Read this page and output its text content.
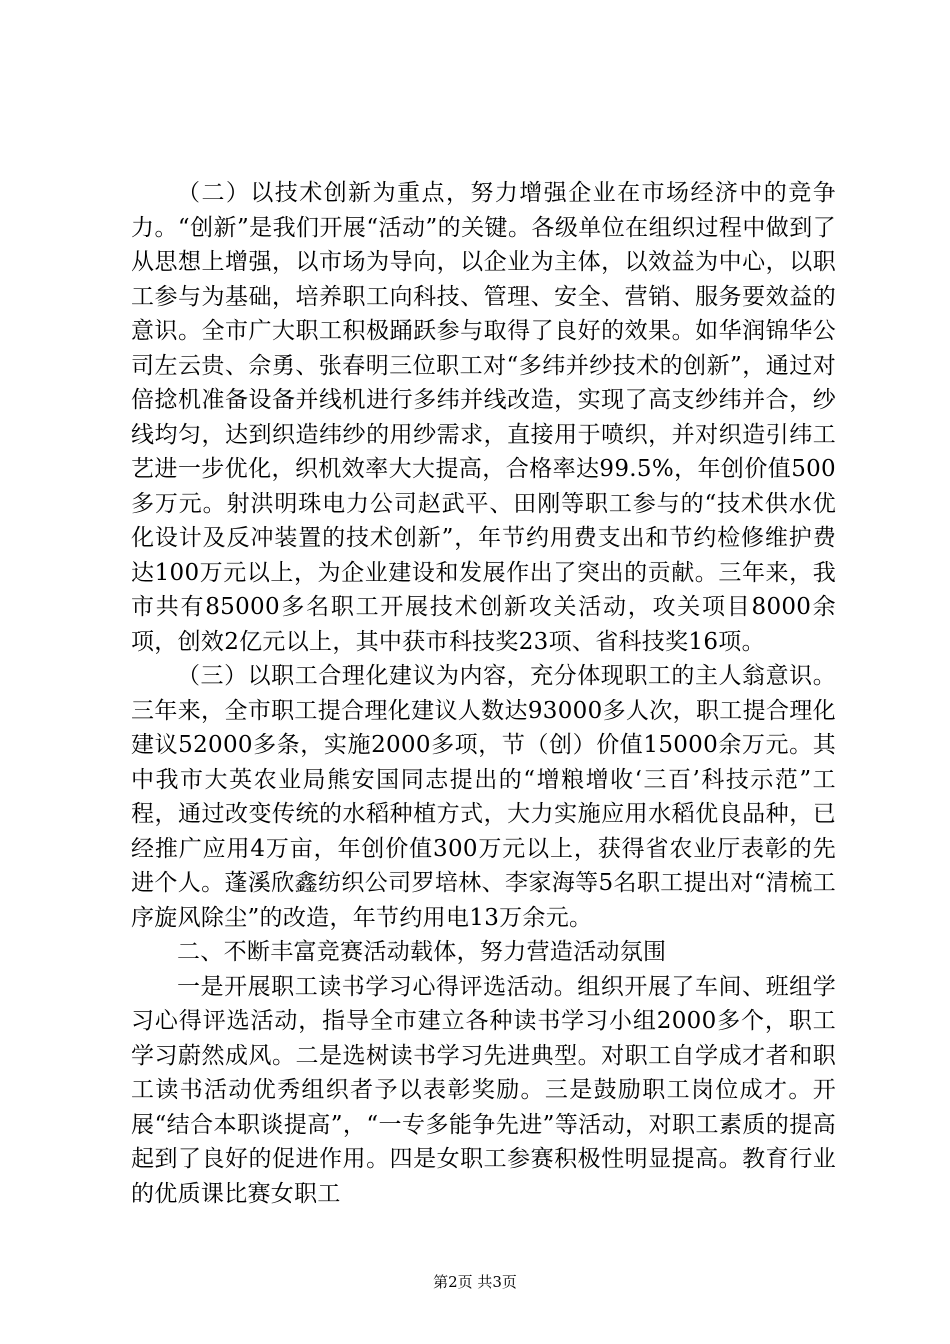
（二）以技术创新为重点，努力增强企业在市场经济中的竞争力。“创新”是我们开展“活动”的关键。各级单位在组织过程中做到了从思想上增强，以市场为导向，以企业为主体，以效益为中心，以职工参与为基础，培养职工向科技、管理、安全、营销、服务要效益的意识。全市广大职工积极踊跃参与取得了良好的效果。如华润锦华公司左云贵、佘勇、张春明三位职工对“多纬并纱技术的创新”，通过对倍捻机准备设备并线机进行多纬并线改造，实现了高支纱纬并合，纱线均匀，达到织造纬纱的用纱需求，直接用于喷织，并对织造引纬工艺进一步优化，织机效率大大提高，合格率达99.5%，年创价值500多万元。射洪明珠电力公司赵武平、田刚等职工参与的“技术供水优化设计及反冲装置的技术创新”，年节约用费支出和节约检修维护费达100万元以上，为企业建设和发展作出了突出的贡献。三年来，我市共有85000多名职工开展技术创新攻关活动，攻关项目8000余项，创效2亿元以上，其中获市科技奖23项、省科技奖16项。

（三）以职工合理化建议为内容，充分体现职工的主人翁意识。三年来，全市职工提合理化建议人数达93000多人次，职工提合理化建议52000多条，实施2000多项，节（创）价值15000余万元。其中我市大英农业局熊安国同志提出的“增粮增收‘三百’科技示范”工程，通过改变传统的水稻种植方式，大力实施应用水稻优良品种，已经推广应用4万亩，年创价值300万元以上，获得省农业厅表彰的先进个人。蓬溪欣鑫纺织公司罗培林、李家海等5名职工提出对“清梳工序旋风除尘”的改造，年节约用电13万余元。

二、不断丰富竞赛活动载体，努力营造活动氛围

一是开展职工读书学习心得评选活动。组织开展了车间、班组学习心得评选活动，指导全市建立各种读书学习小组2000多个，职工学习蔚然成风。二是选树读书学习先进典型。对职工自学成才者和职工读书活动优秀组织者予以表彰奖励。三是鼓励职工岗位成才。开展“结合本职谈提高”，“一专多能争先进”等活动，对职工素质的提高起到了良好的促进作用。四是女职工参赛积极性明显提高。教育行业的优质课比赛女职工

第2页 共3页
